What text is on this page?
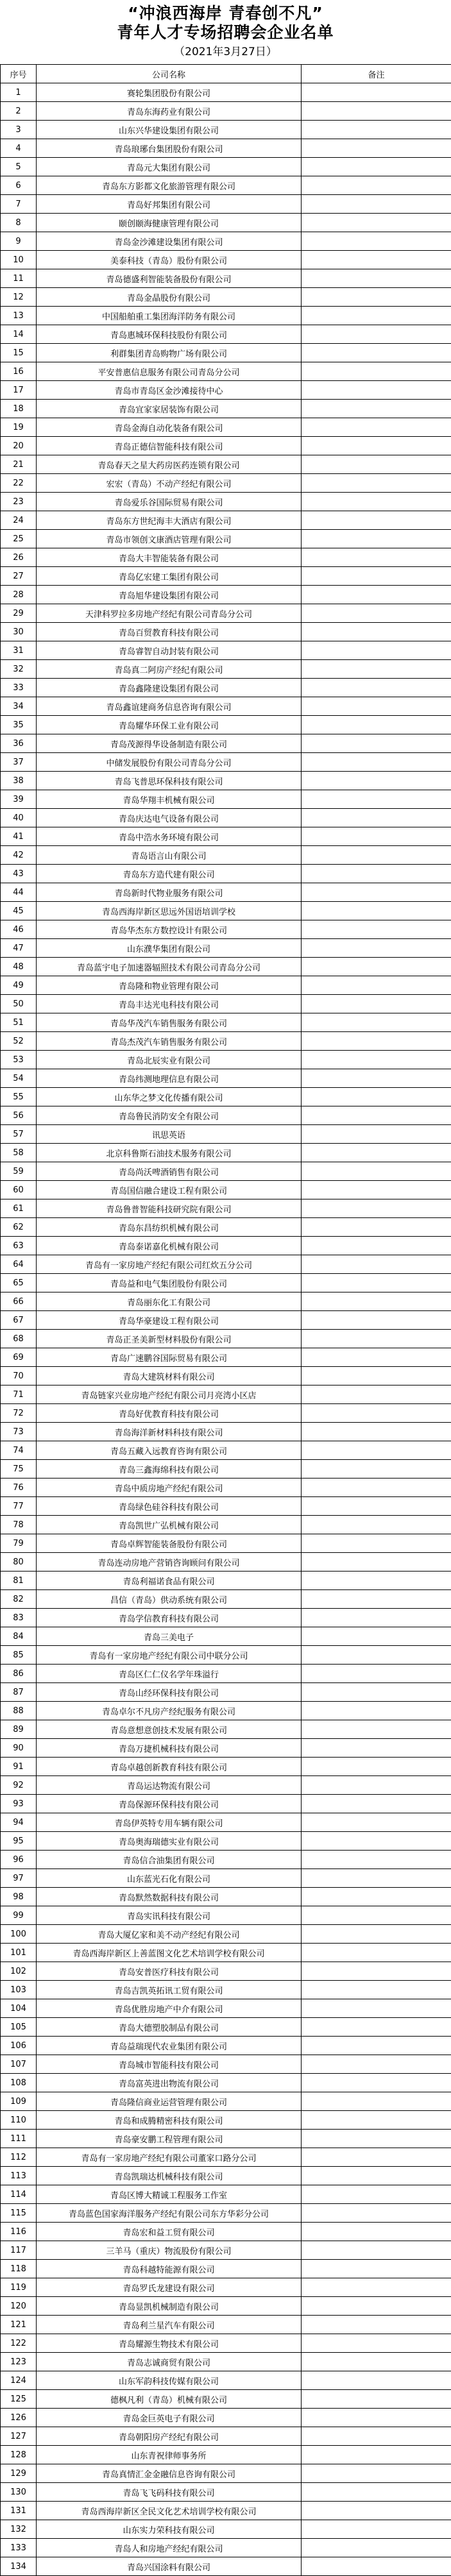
“冲浪西海岸 青春创不凡”
青年人才专场招聘会企业名单
（2021年3月27日）
序号	公司名称	备注
1	赛轮集团股份有限公司	
2	青岛东海药业有限公司	
3	山东兴华建设集团有限公司	
4	青岛琅琊台集团股份有限公司	
5	青岛元大集团有限公司	
6	青岛东方影都文化旅游管理有限公司	
7	青岛好邦集团有限公司	
8	颐创颐海健康管理有限公司	
9	青岛金沙滩建设集团有限公司	
10	美泰科技（青岛）股份有限公司	
11	青岛德盛利智能装备股份有限公司	
12	青岛金晶股份有限公司	
13	中国船舶重工集团海洋防务有限公司	
14	青岛惠城环保科技股份有限公司	
15	利群集团青岛购物广场有限公司	
16	平安普惠信息服务有限公司青岛分公司	
17	青岛市青岛区金沙滩接待中心	
18	青岛宜家家居装饰有限公司	
19	青岛金海自动化装备有限公司	
20	青岛正德信智能科技有限公司	
21	青岛春天之星大药房医药连锁有限公司	
22	宏宏（青岛）不动产经纪有限公司	
23	青岛爱乐谷国际贸易有限公司	
24	青岛东方世纪海丰大酒店有限公司	
25	青岛市领创文康酒店管理有限公司	
26	青岛大丰智能装备有限公司	
27	青岛亿宏建工集团有限公司	
28	青岛旭华建设集团有限公司	
29	天津科罗拉多房地产经纪有限公司青岛分公司	
30	青岛百贸教育科技有限公司	
31	青岛睿智自动封装有限公司	
32	青岛真二阿房产经纪有限公司	
33	青岛鑫隆建设集团有限公司	
34	青岛鑫谊建商务信息咨询有限公司	
35	青岛耀华环保工业有限公司	
36	青岛茂源得华设备制造有限公司	
37	中储发展股份有限公司青岛分公司	
38	青岛飞普思环保科技有限公司	
39	青岛华翔丰机械有限公司	
40	青岛庆达电气设备有限公司	
41	青岛中浩水务环境有限公司	
42	青岛语言山有限公司	
43	青岛东方造代建有限公司	
44	青岛新时代物业服务有限公司	
45	青岛西海岸新区思远外国语培训学校	
46	青岛华杰东方数控设计有限公司	
47	山东濮华集团有限公司	
48	青岛蓝宇电子加速器辐照技术有限公司青岛分公司	
49	青岛隆和物业管理有限公司	
50	青岛丰达光电科技有限公司	
51	青岛华茂汽车销售服务有限公司	
52	青岛杰茂汽车销售服务有限公司	
53	青岛北辰实业有限公司	
54	青岛纬测地理信息有限公司	
55	山东华之梦文化传播有限公司	
56	青岛鲁民消防安全有限公司	
57	讯思英语	
58	北京科鲁斯石油技术服务有限公司	
59	青岛尚沃啤酒销售有限公司	
60	青岛国信融合建设工程有限公司	
61	青岛鲁普智能科技研究院有限公司	
62	青岛东昌纺织机械有限公司	
63	青岛泰诺嘉化机械有限公司	
64	青岛有一家房地产经纪有限公司红炊五分公司	
65	青岛益和电气集团股份有限公司	
66	青岛丽东化工有限公司	
67	青岛华豪建设工程有限公司	
68	青岛正圣美新型材料股份有限公司	
69	青岛广速鹏谷国际贸易有限公司	
70	青岛大建筑材料有限公司	
71	青岛链家兴业房地产经纪有限公司月亮湾小区店	
72	青岛好优教育科技有限公司	
73	青岛海洋新材料科技有限公司	
74	青岛五藏入远教育咨询有限公司	
75	青岛三鑫海绵科技有限公司	
76	青岛中质房地产经纪有限公司	
77	青岛绿色硅谷科技有限公司	
78	青岛凯世广弘机械有限公司	
79	青岛卓辉智能装备股份有限公司	
80	青岛连动房地产营销咨询顾问有限公司	
81	青岛利福诺食品有限公司	
82	昌信（青岛）供动系统有限公司	
83	青岛学信教育科技有限公司	
84	青岛三美电子	
85	青岛有一家房地产经纪有限公司中联分公司	
86	青岛区仁仁仪名学年珠溢行	
87	青岛山经环保科技有限公司	
88	青岛卓尔不凡房产经纪服务有限公司	
89	青岛意想意创技术发展有限公司	
90	青岛万捷机械科技有限公司	
91	青岛卓越创新教育科技有限公司	
92	青岛运达物流有限公司	
93	青岛保源环保科技有限公司	
94	青岛伊英特专用车辆有限公司	
95	青岛奥海瑞德实业有限公司	
96	青岛信合油集团有限公司	
97	山东蓝光石化有限公司	
98	青岛默然数据科技有限公司	
99	青岛实讯科技有限公司	
100	青岛大厦亿家和美不动产经纪有限公司	
101	青岛西海岸新区上善蓝图文化艺术培训学校有限公司	
102	青岛安普医疗科技有限公司	
103	青岛吉凯英拓讯工贸有限公司	
104	青岛优胜房地产中介有限公司	
105	青岛大德塑胶制品有限公司	
106	青岛益瑞现代农业集团有限公司	
107	青岛城市智能科技有限公司	
108	青岛富英进出物流有限公司	
109	青岛隆信商业运营管理有限公司	
110	青岛和成腾精密科技有限公司	
111	青岛豪安鹏工程管理有限公司	
112	青岛有一家房地产经纪有限公司董家口路分公司	
113	青岛凯瑞达机械科技有限公司	
114	青岛区博大精诚工程服务工作室	
115	青岛蓝色国家海洋服务产经纪有限公司东方华彩分公司	
116	青岛宏和益工贸有限公司	
117	三羊马（重庆）物流股份有限公司	
118	青岛科越特能源有限公司	
119	青岛罗氏龙建设有限公司	
120	青岛显凯机械制造有限公司	
121	青岛利兰星汽车有限公司	
122	青岛耀源生物技术有限公司	
123	青岛志诚商贸有限公司	
124	山东军韵科技传媒有限公司	
125	德枫凡利（青岛）机械有限公司	
126	青岛金巨英电子有限公司	
127	青岛朝阳房产经纪有限公司	
128	山东青祝律师事务所	
129	青岛真情汇金金融信息咨询有限公司	
130	青岛飞飞码科技有限公司	
131	青岛西海岸新区全民文化艺术培训学校有限公司	
132	山东实力荣科技有限公司	
133	青岛人和房地产经纪有限公司	
134	青岛兴国涂料有限公司	
